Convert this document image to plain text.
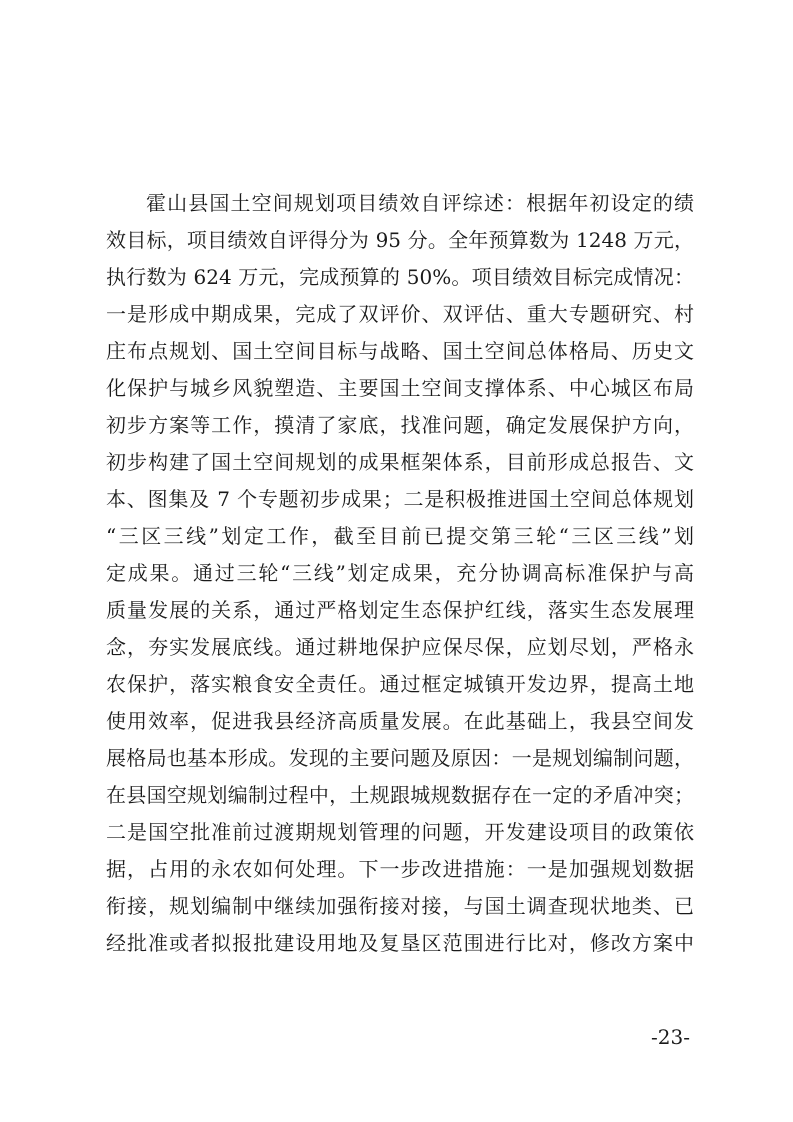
霍山县国土空间规划项目绩效自评综述：根据年初设定的绩
效目标，项目绩效自评得分为 95 分。全年预算数为 1248 万元，
执行数为 624 万元，完成预算的 50%。项目绩效目标完成情况：
一是形成中期成果，完成了双评价、双评估、重大专题研究、村
庄布点规划、国土空间目标与战略、国土空间总体格局、历史文
化保护与城乡风貌塑造、主要国土空间支撑体系、中心城区布局
初步方案等工作，摸清了家底，找准问题，确定发展保护方向，
初步构建了国土空间规划的成果框架体系，目前形成总报告、文
本、图集及 7 个专题初步成果；二是积极推进国土空间总体规划
“三区三线”划定工作，截至目前已提交第三轮“三区三线”划
定成果。通过三轮“三线”划定成果，充分协调高标准保护与高
质量发展的关系，通过严格划定生态保护红线，落实生态发展理
念，夯实发展底线。通过耕地保护应保尽保，应划尽划，严格永
农保护，落实粮食安全责任。通过框定城镇开发边界，提高土地
使用效率，促进我县经济高质量发展。在此基础上，我县空间发
展格局也基本形成。发现的主要问题及原因：一是规划编制问题，
在县国空规划编制过程中，土规跟城规数据存在一定的矛盾冲突；
二是国空批准前过渡期规划管理的问题，开发建设项目的政策依
据，占用的永农如何处理。下一步改进措施：一是加强规划数据
衔接，规划编制中继续加强衔接对接，与国土调查现状地类、已
经批准或者拟报批建设用地及复垦区范围进行比对，修改方案中
-23-
